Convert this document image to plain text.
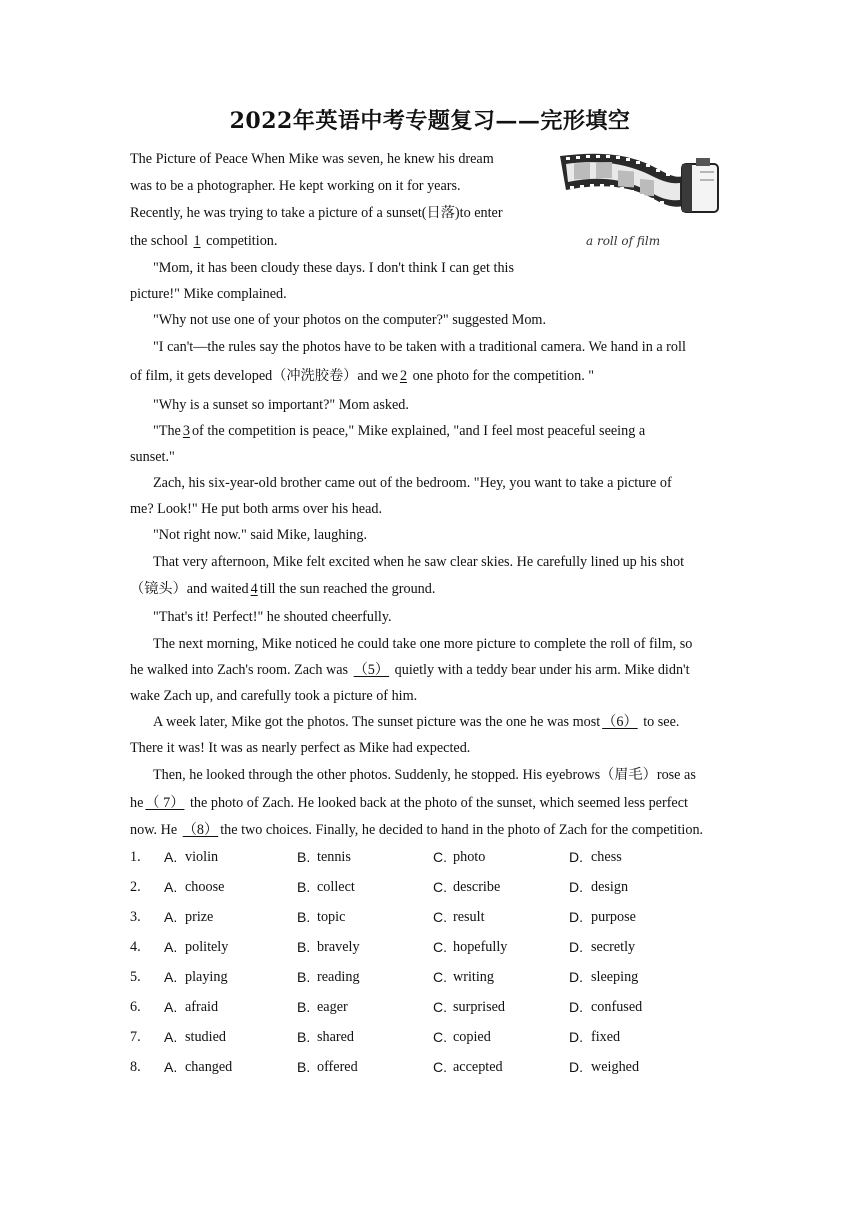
2022年英语中考专题复习——完形填空
a roll of film
The Picture of Peace When Mike was seven, he knew his dream
was to be a photographer. He kept working on it for years.
Recently, he was trying to take a picture of a sunset(日落)to enter
the school 1 competition.
"Mom, it has been cloudy these days. I don't think I can get this
picture!" Mike complained.
"Why not use one of your photos on the computer?" suggested Mom.
"I can't—the rules say the photos have to be taken with a traditional camera. We hand in a roll
of film, it gets developed（冲洗胶卷）and we 2 one photo for the competition. "
"Why is a sunset so important?" Mom asked.
"The3of the competition is peace," Mike explained, "and I feel most peaceful seeing a
sunset."
Zach, his six-year-old brother came out of the bedroom. "Hey, you want to take a picture of
me? Look!" He put both arms over his head.
"Not right now." said Mike, laughing.
That very afternoon, Mike felt excited when he saw clear skies. He carefully lined up his shot
（镜头）and waited4till the sun reached the ground.
"That's it! Perfect!" he shouted cheerfully.
The next morning, Mike noticed he could take one more picture to complete the roll of film, so
he walked into Zach's room. Zach was （5） quietly with a teddy bear under his arm. Mike didn't
wake Zach up, and carefully took a picture of him.
A week later, Mike got the photos. The sunset picture was the one he was most （6） to see.
There it was! It was as nearly perfect as Mike had expected.
Then, he looked through the other photos. Suddenly, he stopped. His eyebrows（眉毛）rose as
he （ 7） the photo of Zach. He looked back at the photo of the sunset, which seemed less perfect
now. He （8） the two choices. Finally, he decided to hand in the photo of Zach for the competition.
1. A. violin	B. tennis	C. photo	D. chess
2. A. choose	B. collect	C. describe	D. design
3. A. prize	B. topic	C. result	D. purpose
4. A. politely	B. bravely	C. hopefully	D. secretly
5. A. playing	B. reading	C. writing	D. sleeping
6. A. afraid	B. eager	C. surprised	D. confused
7. A. studied	B. shared	C. copied	D. fixed
8. A. changed	B. offered	C. accepted	D. weighed
